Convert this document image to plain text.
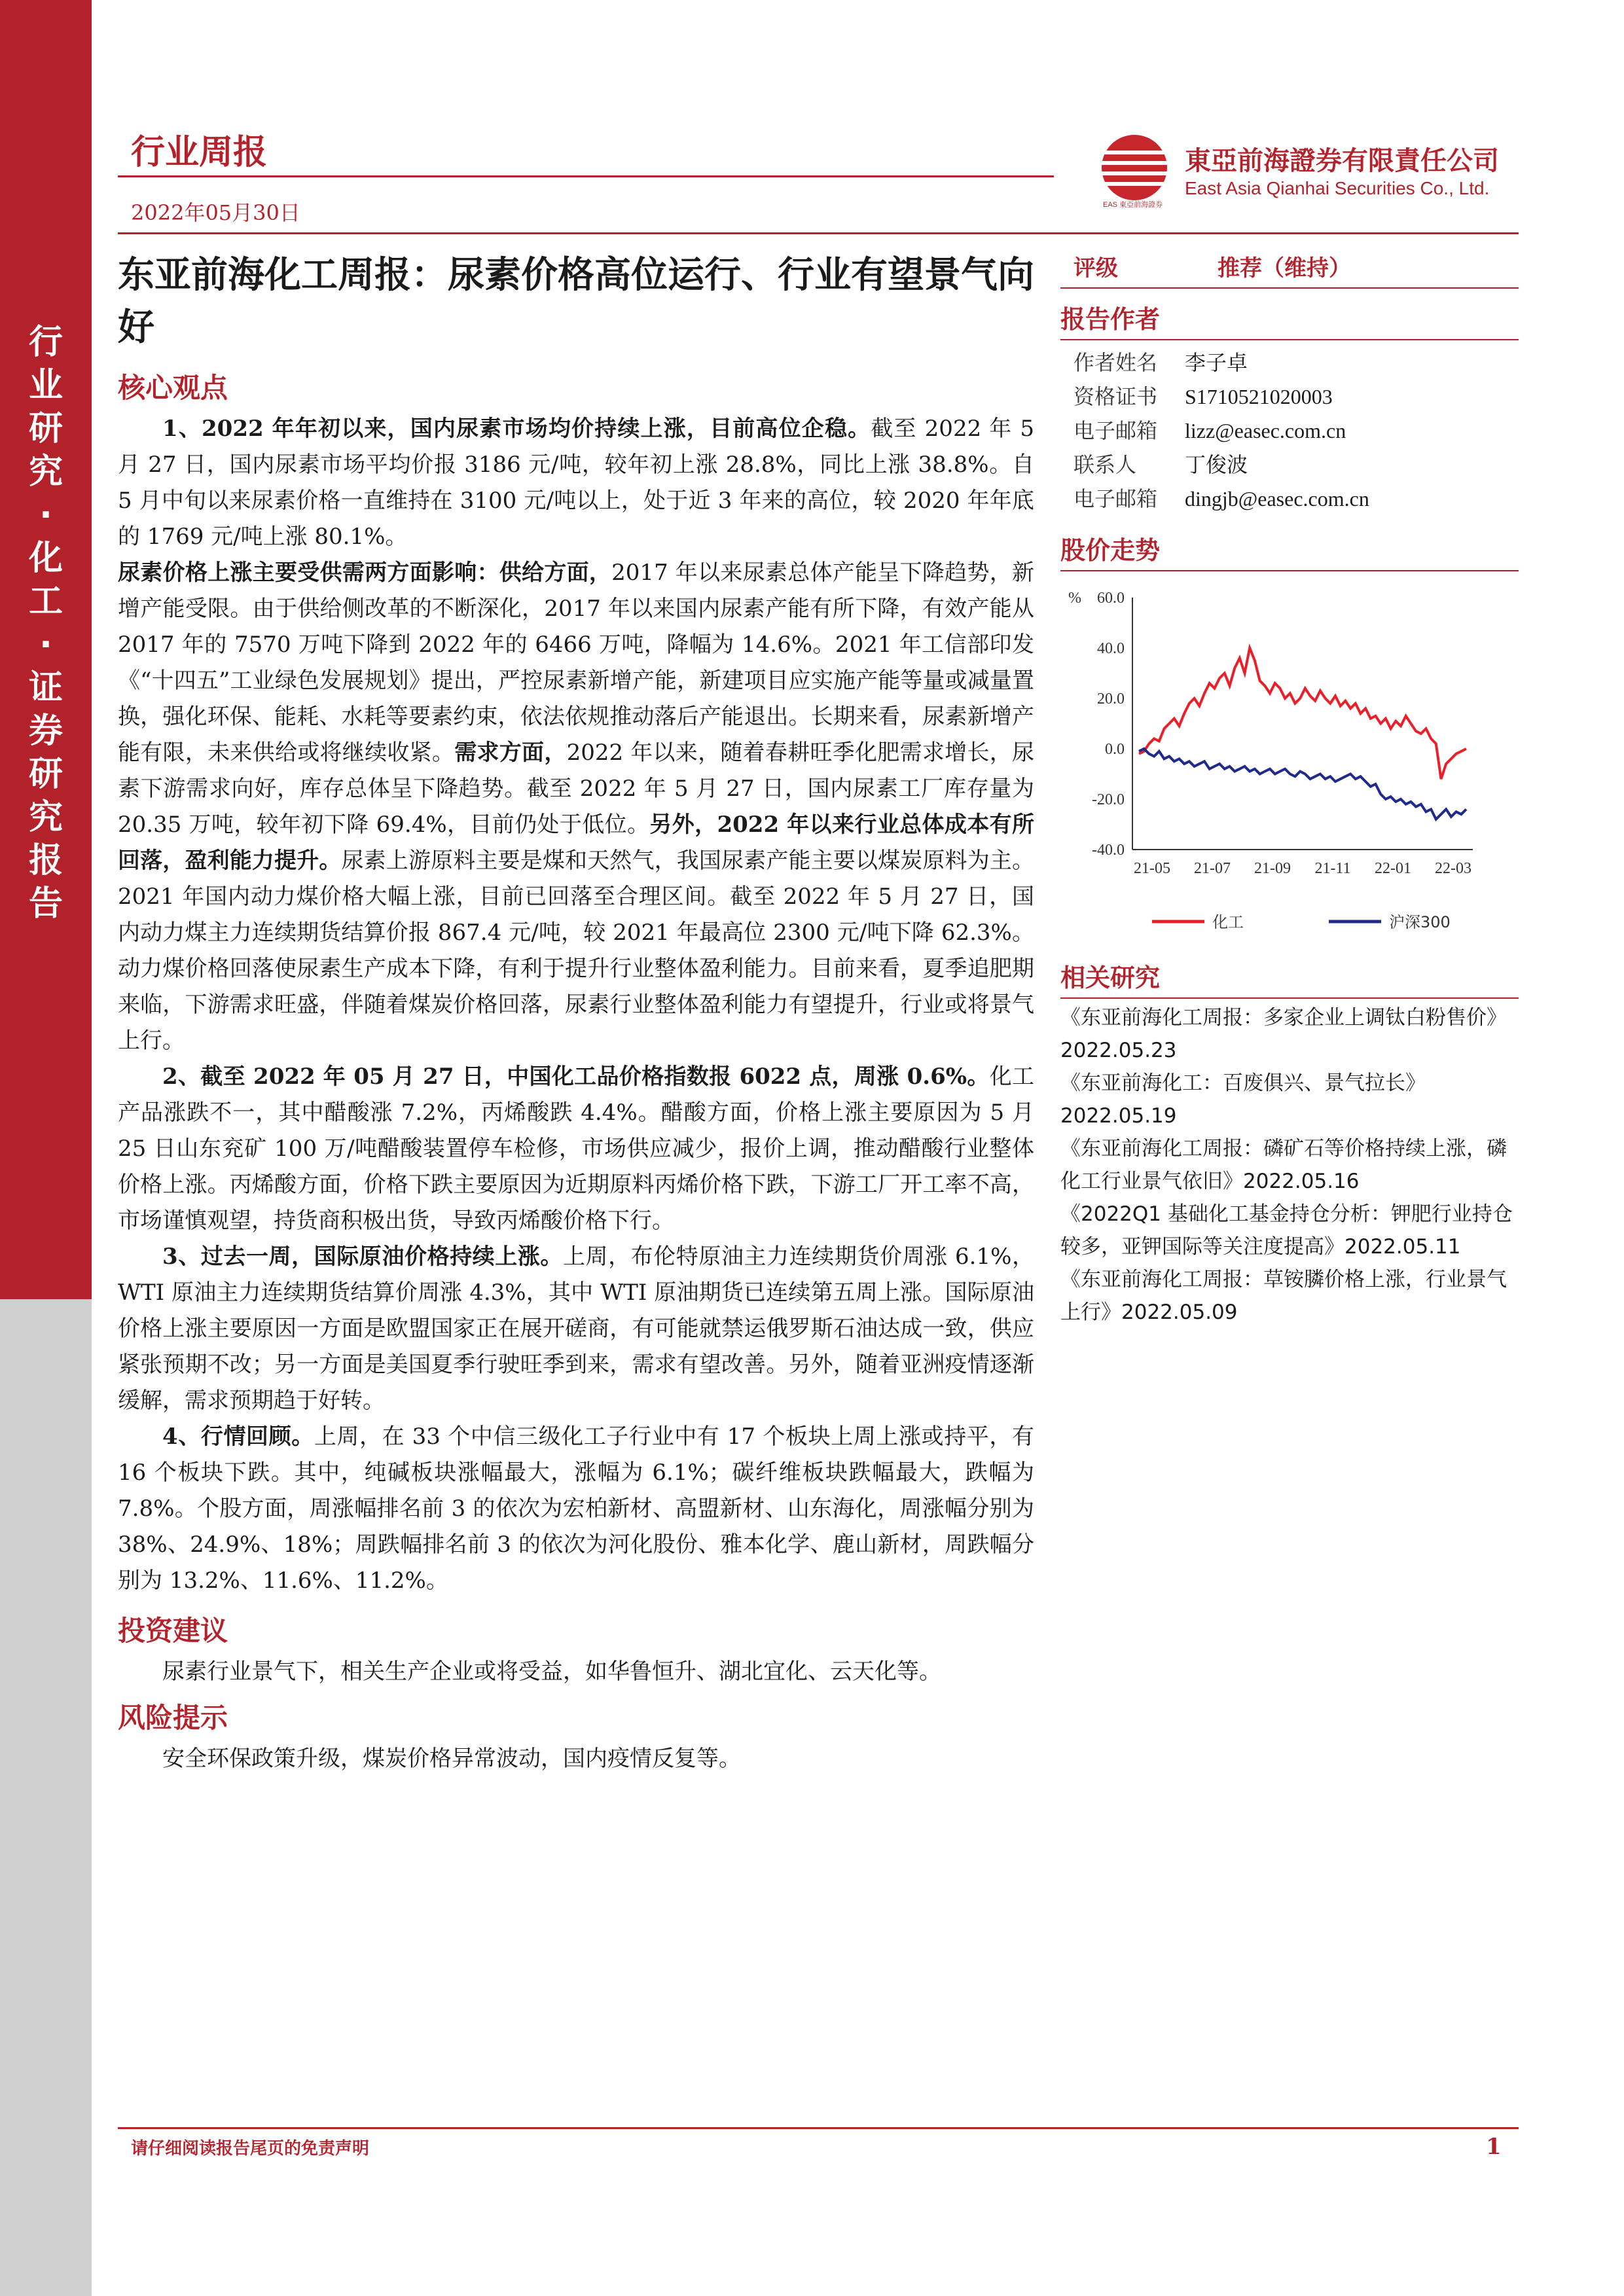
行业研究·化工·证券研究报告
行业周报
2022年05月30日	EAS 東亞前海證券
東亞前海證券有限責任公司
East Asia Qianhai Securities Co., Ltd.
东亚前海化工周报：尿素价格高位运行、行业有望景气向好
核心观点

1、2022 年年初以来，国内尿素市场均价持续上涨，目前高位企稳。截至 2022 年 5 月 27 日，国内尿素市场平均价报 3186 元/吨，较年初上涨 28.8%，同比上涨 38.8%。自 5 月中旬以来尿素价格一直维持在 3100 元/吨以上，处于近 3 年来的高位，较 2020 年年底的 1769 元/吨上涨 80.1%。

尿素价格上涨主要受供需两方面影响：供给方面，2017 年以来尿素总体产能呈下降趋势，新增产能受限。由于供给侧改革的不断深化，2017 年以来国内尿素产能有所下降，有效产能从 2017 年的 7570 万吨下降到 2022 年的 6466 万吨，降幅为 14.6%。2021 年工信部印发《“十四五”工业绿色发展规划》提出，严控尿素新增产能，新建项目应实施产能等量或减量置换，强化环保、能耗、水耗等要素约束，依法依规推动落后产能退出。长期来看，尿素新增产能有限，未来供给或将继续收紧。需求方面，2022 年以来，随着春耕旺季化肥需求增长，尿素下游需求向好，库存总体呈下降趋势。截至 2022 年 5 月 27 日，国内尿素工厂库存量为 20.35 万吨，较年初下降 69.4%，目前仍处于低位。另外，2022 年以来行业总体成本有所回落，盈利能力提升。尿素上游原料主要是煤和天然气，我国尿素产能主要以煤炭原料为主。2021 年国内动力煤价格大幅上涨，目前已回落至合理区间。截至 2022 年 5 月 27 日，国内动力煤主力连续期货结算价报 867.4 元/吨，较 2021 年最高位 2300 元/吨下降 62.3%。动力煤价格回落使尿素生产成本下降，有利于提升行业整体盈利能力。目前来看，夏季追肥期来临，下游需求旺盛，伴随着煤炭价格回落，尿素行业整体盈利能力有望提升，行业或将景气上行。

2、截至 2022 年 05 月 27 日，中国化工品价格指数报 6022 点，周涨 0.6%。化工产品涨跌不一，其中醋酸涨 7.2%，丙烯酸跌 4.4%。醋酸方面，价格上涨主要原因为 5 月 25 日山东兖矿 100 万/吨醋酸装置停车检修，市场供应减少，报价上调，推动醋酸行业整体价格上涨。丙烯酸方面，价格下跌主要原因为近期原料丙烯价格下跌，下游工厂开工率不高，市场谨慎观望，持货商积极出货，导致丙烯酸价格下行。

3、过去一周，国际原油价格持续上涨。上周，布伦特原油主力连续期货价周涨 6.1%，WTI 原油主力连续期货结算价周涨 4.3%，其中 WTI 原油期货已连续第五周上涨。国际原油价格上涨主要原因一方面是欧盟国家正在展开磋商，有可能就禁运俄罗斯石油达成一致，供应紧张预期不改；另一方面是美国夏季行驶旺季到来，需求有望改善。另外，随着亚洲疫情逐渐缓解，需求预期趋于好转。

4、行情回顾。上周，在 33 个中信三级化工子行业中有 17 个板块上周上涨或持平，有 16 个板块下跌。其中，纯碱板块涨幅最大，涨幅为 6.1%；碳纤维板块跌幅最大，跌幅为 7.8%。个股方面，周涨幅排名前 3 的依次为宏柏新材、高盟新材、山东海化，周涨幅分别为 38%、24.9%、18%；周跌幅排名前 3 的依次为河化股份、雅本化学、鹿山新材，周跌幅分别为 13.2%、11.6%、11.2%。

投资建议

尿素行业景气下，相关生产企业或将受益，如华鲁恒升、湖北宜化、云天化等。

风险提示

安全环保政策升级，煤炭价格异常波动，国内疫情反复等。

评级	推荐（维持）
报告作者
作者姓名	李子卓
资格证书	S1710521020003
电子邮箱	lizz@easec.com.cn
联系人	丁俊波
电子邮箱	dingjb@easec.com.cn
股价走势
% 60.0
40.0
20.0
0.0
-20.0
-40.0
21-05 21-07 21-09 21-11 22-01 22-03
化工	沪深300
相关研究

《东亚前海化工周报：多家企业上调钛白粉售价》2022.05.23

《东亚前海化工：百废俱兴、景气拉长》2022.05.19

《东亚前海化工周报：磷矿石等价格持续上涨，磷化工行业景气依旧》2022.05.16

《2022Q1 基础化工基金持仓分析：钾肥行业持仓较多，亚钾国际等关注度提高》2022.05.11

《东亚前海化工周报：草铵膦价格上涨，行业景气上行》2022.05.09

请仔细阅读报告尾页的免责声明	1
